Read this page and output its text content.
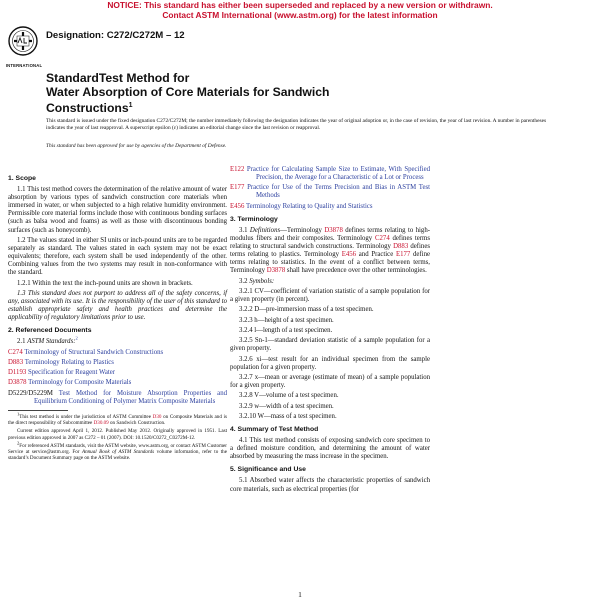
NOTICE: This standard has either been superseded and replaced by a new version or withdrawn.
Contact ASTM International (www.astm.org) for the latest information
INTERNATIONAL
Designation: C272/C272M – 12
StandardTest Method for
Water Absorption of Core Materials for Sandwich
Constructions$^1$
This standard is issued under the fixed designation C272/C272M; the number immediately following the designation indicates the year of original adoption or, in the case of revision, the year of last revision. A number in parentheses indicates the year of last reapproval. A superscript epsilon (ε) indicates an editorial change since the last revision or reapproval.
This standard has been approved for use by agencies of the Department of Defense.
1. Scope

1.1 This test method covers the determination of the relative amount of water absorption by various types of sandwich construction core materials when immersed in water, or when subjected to a high relative humidity environment. Permissible core material forms include those with continuous bonding surfaces (such as balsa wood and foams) as well as those with discontinuous bonding surfaces (such as honeycomb).

1.2 The values stated in either SI units or inch-pound units are to be regarded separately as standard. The values stated in each system may not be exact equivalents; therefore, each system shall be used independently of the other. Combining values from the two systems may result in non-conformance with the standard.

1.2.1 Within the text the inch-pound units are shown in brackets.

1.3 This standard does not purport to address all of the safety concerns, if any, associated with its use. It is the responsibility of the user of this standard to establish appropriate safety and health practices and determine the applicability of regulatory limitations prior to use.

2. Referenced Documents

2.1 ASTM Standards:$^2$

C274 Terminology of Structural Sandwich Constructions

D883 Terminology Relating to Plastics

D1193 Specification for Reagent Water

D3878 Terminology for Composite Materials

D5229/D5229M Test Method for Moisture Absorption Properties and Equilibrium Conditioning of Polymer Matrix Composite Materials

$^1$This test method is under the jurisdiction of ASTM Committee D30 on Composite Materials and is the direct responsibility of Subcommittee D30.09 on Sandwich Construction.

Current edition approved April 1, 2012. Published May 2012. Originally approved in 1951. Last previous edition approved in 2007 as C272 – 01 (2007). DOI: 10.1520/C0272_C0272M-12.

$^2$For referenced ASTM standards, visit the ASTM website, www.astm.org, or contact ASTM Customer Service at service@astm.org. For Annual Book of ASTM Standards volume information, refer to the standard’s Document Summary page on the ASTM website.

E122 Practice for Calculating Sample Size to Estimate, With Specified Precision, the Average for a Characteristic of a Lot or Process

E177 Practice for Use of the Terms Precision and Bias in ASTM Test Methods

E456 Terminology Relating to Quality and Statistics

3. Terminology

3.1 Definitions—Terminology D3878 defines terms relating to high-modulus fibers and their composites. Terminology C274 defines terms relating to structural sandwich constructions. Terminology D883 defines terms relating to plastics. Terminology E456 and Practice E177 define terms relating to statistics. In the event of a conflict between terms, Terminology D3878 shall have precedence over the other terminologies.

3.2 Symbols:

3.2.1 CV—coefficient of variation statistic of a sample population for a given property (in percent).

3.2.2 D—pre-immersion mass of a test specimen.

3.2.3 h—height of a test specimen.

3.2.4 l—length of a test specimen.

3.2.5 Sn-1—standard deviation statistic of a sample population for a given property.

3.2.6 xi—test result for an individual specimen from the sample population for a given property.

3.2.7 x—mean or average (estimate of mean) of a sample population for a given property.

3.2.8 V—volume of a test specimen.

3.2.9 w—width of a test specimen.

3.2.10 W—mass of a test specimen.

4. Summary of Test Method

4.1 This test method consists of exposing sandwich core specimen to a defined moisture condition, and determining the amount of water absorbed by measuring the mass increase in the specimen.

5. Significance and Use

5.1 Absorbed water affects the characteristic properties of sandwich core materials, such as electrical properties (for

1
